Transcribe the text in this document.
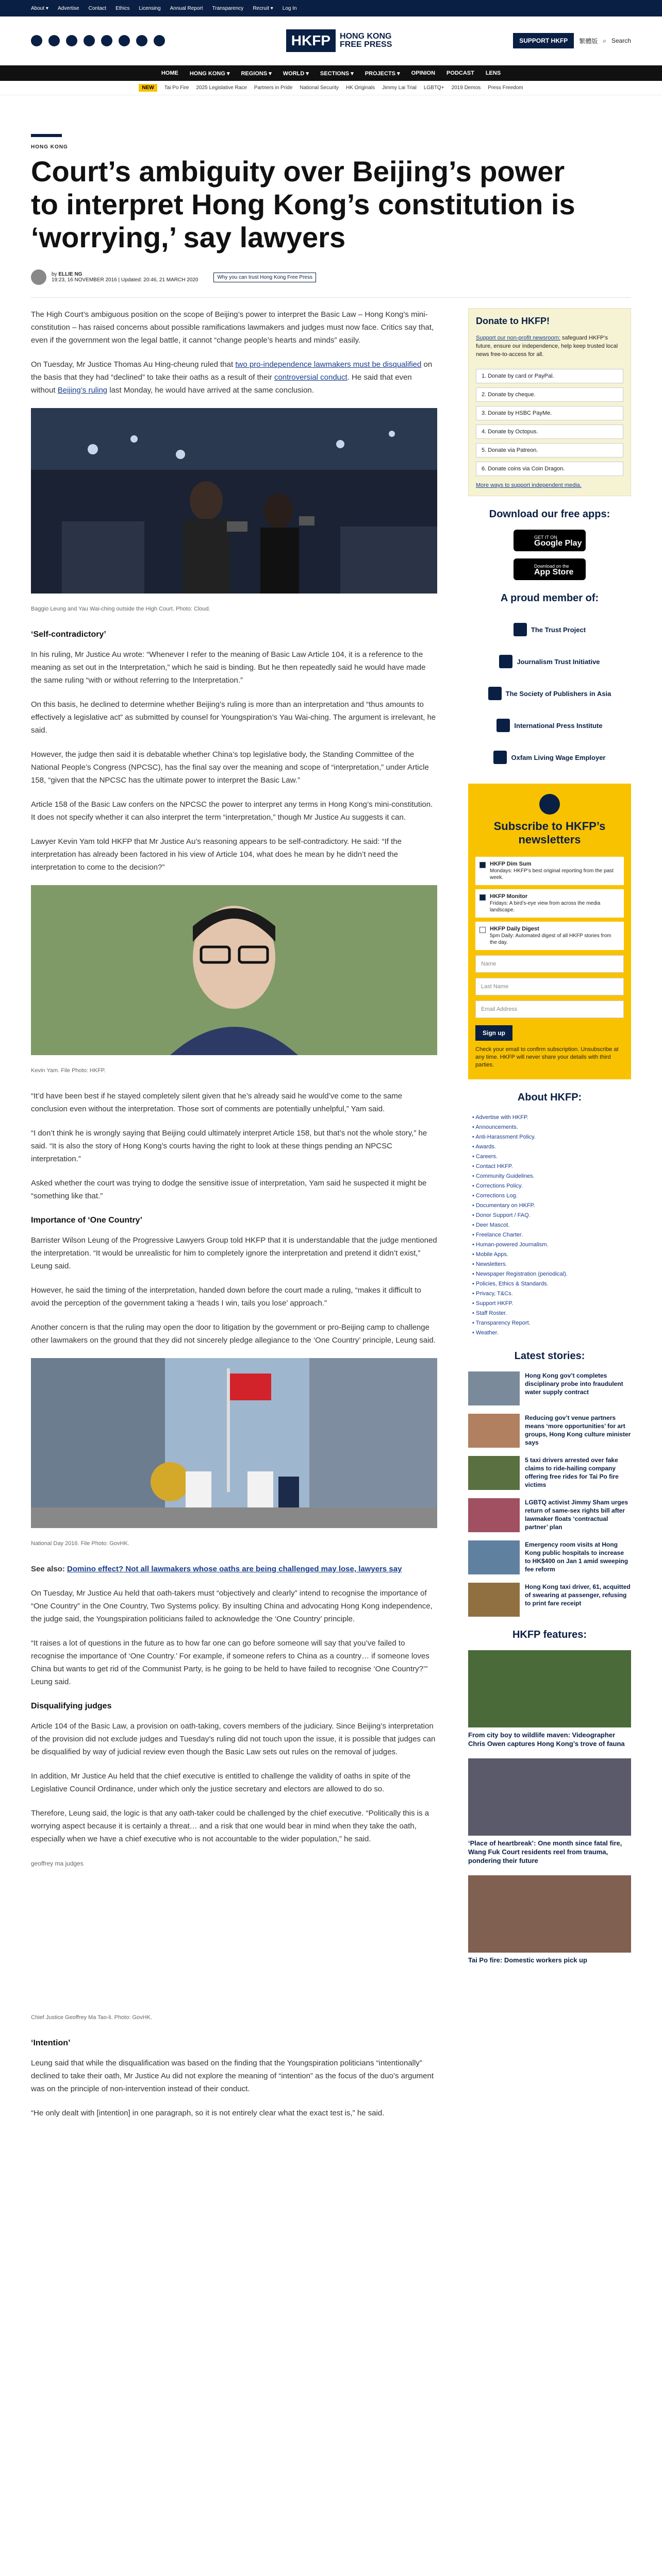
About ▾ Advertise Contact Ethics Licensing Annual Report Transparency Recruit ▾ Log In
HKFP	HONG KONG
FREE PRESS	SUPPORT HKFP	繁體版 ⌕ Search
HOME HONG KONG ▾ REGIONS ▾ WORLD ▾ SECTIONS ▾ PROJECTS ▾ OPINION PODCAST LENS
NEW	Tai Po Fire 2025 Legislative Race Partners in Pride National Security HK Originals Jimmy Lai Trial LGBTQ+ 2019 Demos Press Freedom
HONG KONG
Court’s ambiguity over Beijing’s power to interpret Hong Kong’s constitution is ‘worrying,’ say lawyers
by ELLIE NG
19:23, 16 NOVEMBER 2016 | Updated: 20:46, 21 MARCH 2020	Why you can trust Hong Kong Free Press

The High Court’s ambiguous position on the scope of Beijing’s power to interpret the Basic Law – Hong Kong’s mini-constitution – has raised concerns about possible ramifications lawmakers and judges must now face. Critics say that, even if the government won the legal battle, it cannot “change people’s hearts and minds” easily.

On Tuesday, Mr Justice Thomas Au Hing-cheung ruled that two pro-independence lawmakers must be disqualified on the basis that they had “declined” to take their oaths as a result of their controversial conduct. He said that even without Beijing’s ruling last Monday, he would have arrived at the same conclusion.

Baggio Leung and Yau Wai-ching outside the High Court. Photo: Cloud.
‘Self-contradictory’

In his ruling, Mr Justice Au wrote: “Whenever I refer to the meaning of Basic Law Article 104, it is a reference to the meaning as set out in the Interpretation,” which he said is binding. But he then repeatedly said he would have made the same ruling “with or without referring to the Interpretation.”

On this basis, he declined to determine whether Beijing’s ruling is more than an interpretation and “thus amounts to effectively a legislative act” as submitted by counsel for Youngspiration’s Yau Wai-ching. The argument is irrelevant, he said.

However, the judge then said it is debatable whether China’s top legislative body, the Standing Committee of the National People’s Congress (NPCSC), has the final say over the meaning and scope of “interpretation,” under Article 158, “given that the NPCSC has the ultimate power to interpret the Basic Law.”

Article 158 of the Basic Law confers on the NPCSC the power to interpret any terms in Hong Kong’s mini-constitution. It does not specify whether it can also interpret the term “interpretation,” though Mr Justice Au suggests it can.

Lawyer Kevin Yam told HKFP that Mr Justice Au’s reasoning appears to be self-contradictory. He said: “If the interpretation has already been factored in his view of Article 104, what does he mean by he didn’t need the interpretation to come to the decision?”

Kevin Yam. File Photo: HKFP.

“It’d have been best if he stayed completely silent given that he’s already said he would’ve come to the same conclusion even without the interpretation. Those sort of comments are potentially unhelpful,” Yam said.

“I don’t think he is wrongly saying that Beijing could ultimately interpret Article 158, but that’s not the whole story,” he said. “It is also the story of Hong Kong’s courts having the right to look at these things pending an NPCSC interpretation.”

Asked whether the court was trying to dodge the sensitive issue of interpretation, Yam said he suspected it might be “something like that.”

Importance of ‘One Country’

Barrister Wilson Leung of the Progressive Lawyers Group told HKFP that it is understandable that the judge mentioned the interpretation. “It would be unrealistic for him to completely ignore the interpretation and pretend it didn’t exist,” Leung said.

However, he said the timing of the interpretation, handed down before the court made a ruling, “makes it difficult to avoid the perception of the government taking a ‘heads I win, tails you lose’ approach.”

Another concern is that the ruling may open the door to litigation by the government or pro-Beijing camp to challenge other lawmakers on the ground that they did not sincerely pledge allegiance to the ‘One Country’ principle, Leung said.

National Day 2016. File Photo: GovHK.

See also: Domino effect? Not all lawmakers whose oaths are being challenged may lose, lawyers say

On Tuesday, Mr Justice Au held that oath-takers must “objectively and clearly” intend to recognise the importance of “One Country” in the One Country, Two Systems policy. By insulting China and advocating Hong Kong independence, the judge said, the Youngspiration politicians failed to acknowledge the ‘One Country’ principle.

“It raises a lot of questions in the future as to how far one can go before someone will say that you’ve failed to recognise the importance of ‘One Country.’ For example, if someone refers to China as a country… if someone loves China but wants to get rid of the Communist Party, is he going to be held to have failed to recognise ‘One Country?’” Leung said.

Disqualifying judges

Article 104 of the Basic Law, a provision on oath-taking, covers members of the judiciary. Since Beijing’s interpretation of the provision did not exclude judges and Tuesday’s ruling did not touch upon the issue, it is possible that judges can be disqualified by way of judicial review even though the Basic Law sets out rules on the removal of judges.

In addition, Mr Justice Au held that the chief executive is entitled to challenge the validity of oaths in spite of the Legislative Council Ordinance, under which only the justice secretary and electors are allowed to do so.

Therefore, Leung said, the logic is that any oath-taker could be challenged by the chief executive. “Politically this is a worrying aspect because it is certainly a threat… and a risk that one would bear in mind when they take the oath, especially when we have a chief executive who is not accountable to the wider population,” he said.

geoffrey ma judges
Chief Justice Geoffrey Ma Tao-li. Photo: GovHK.
‘Intention’

Leung said that while the disqualification was based on the finding that the Youngspiration politicians “intentionally” declined to take their oath, Mr Justice Au did not explore the meaning of “intention” as the focus of the duo’s argument was on the principle of non-intervention instead of their conduct.

“He only dealt with [intention] in one paragraph, so it is not entirely clear what the exact test is,” he said.

Donate to HKFP!
Support our non-profit newsroom: safeguard HKFP’s future, ensure our independence, help keep trusted local news free-to-access for all.
1. Donate by card or PayPal.
2. Donate by cheque.
3. Donate by HSBC PayMe.
4. Donate by Octopus.
5. Donate via Patreon.
6. Donate coins via Coin Dragon.
More ways to support independent media.
Download our free apps:
GET IT ON
Google Play
Download on the
App Store
A proud member of:
The Trust Project
Journalism Trust Initiative
The Society of Publishers in Asia
International Press Institute
Oxfam Living Wage Employer
Subscribe to HKFP’s newsletters
HKFP Dim Sum
Mondays: HKFP’s best original reporting from the past week.
HKFP Monitor
Fridays: A bird’s-eye view from across the media landscape.
HKFP Daily Digest
5pm Daily: Automated digest of all HKFP stories from the day.
Name
Last Name
Email Address
Sign up
Check your email to confirm subscription. Unsubscribe at any time. HKFP will never share your details with third parties.
About HKFP:
• Advertise with HKFP.
• Announcements.
• Anti-Harassment Policy.
• Awards.
• Careers.
• Contact HKFP.
• Community Guidelines.
• Corrections Policy.
• Corrections Log.
• Documentary on HKFP.
• Donor Support / FAQ.
• Deer Mascot.
• Freelance Charter.
• Human-powered Journalism.
• Mobile Apps.
• Newsletters.
• Newspaper Registration (periodical).
• Policies, Ethics & Standards.
• Privacy, T&Cs.
• Support HKFP.
• Staff Roster.
• Transparency Report.
• Weather.
Latest stories:
Hong Kong gov’t completes disciplinary probe into fraudulent water supply contract
Reducing gov’t venue partners means ‘more opportunities’ for art groups, Hong Kong culture minister says
5 taxi drivers arrested over fake claims to ride-hailing company offering free rides for Tai Po fire victims
LGBTQ activist Jimmy Sham urges return of same-sex rights bill after lawmaker floats ‘contractual partner’ plan
Emergency room visits at Hong Kong public hospitals to increase to HK$400 on Jan 1 amid sweeping fee reform
Hong Kong taxi driver, 61, acquitted of swearing at passenger, refusing to print fare receipt
HKFP features:
From city boy to wildlife maven: Videographer Chris Owen captures Hong Kong’s trove of fauna
‘Place of heartbreak’: One month since fatal fire, Wang Fuk Court residents reel from trauma, pondering their future
Tai Po fire: Domestic workers pick up
